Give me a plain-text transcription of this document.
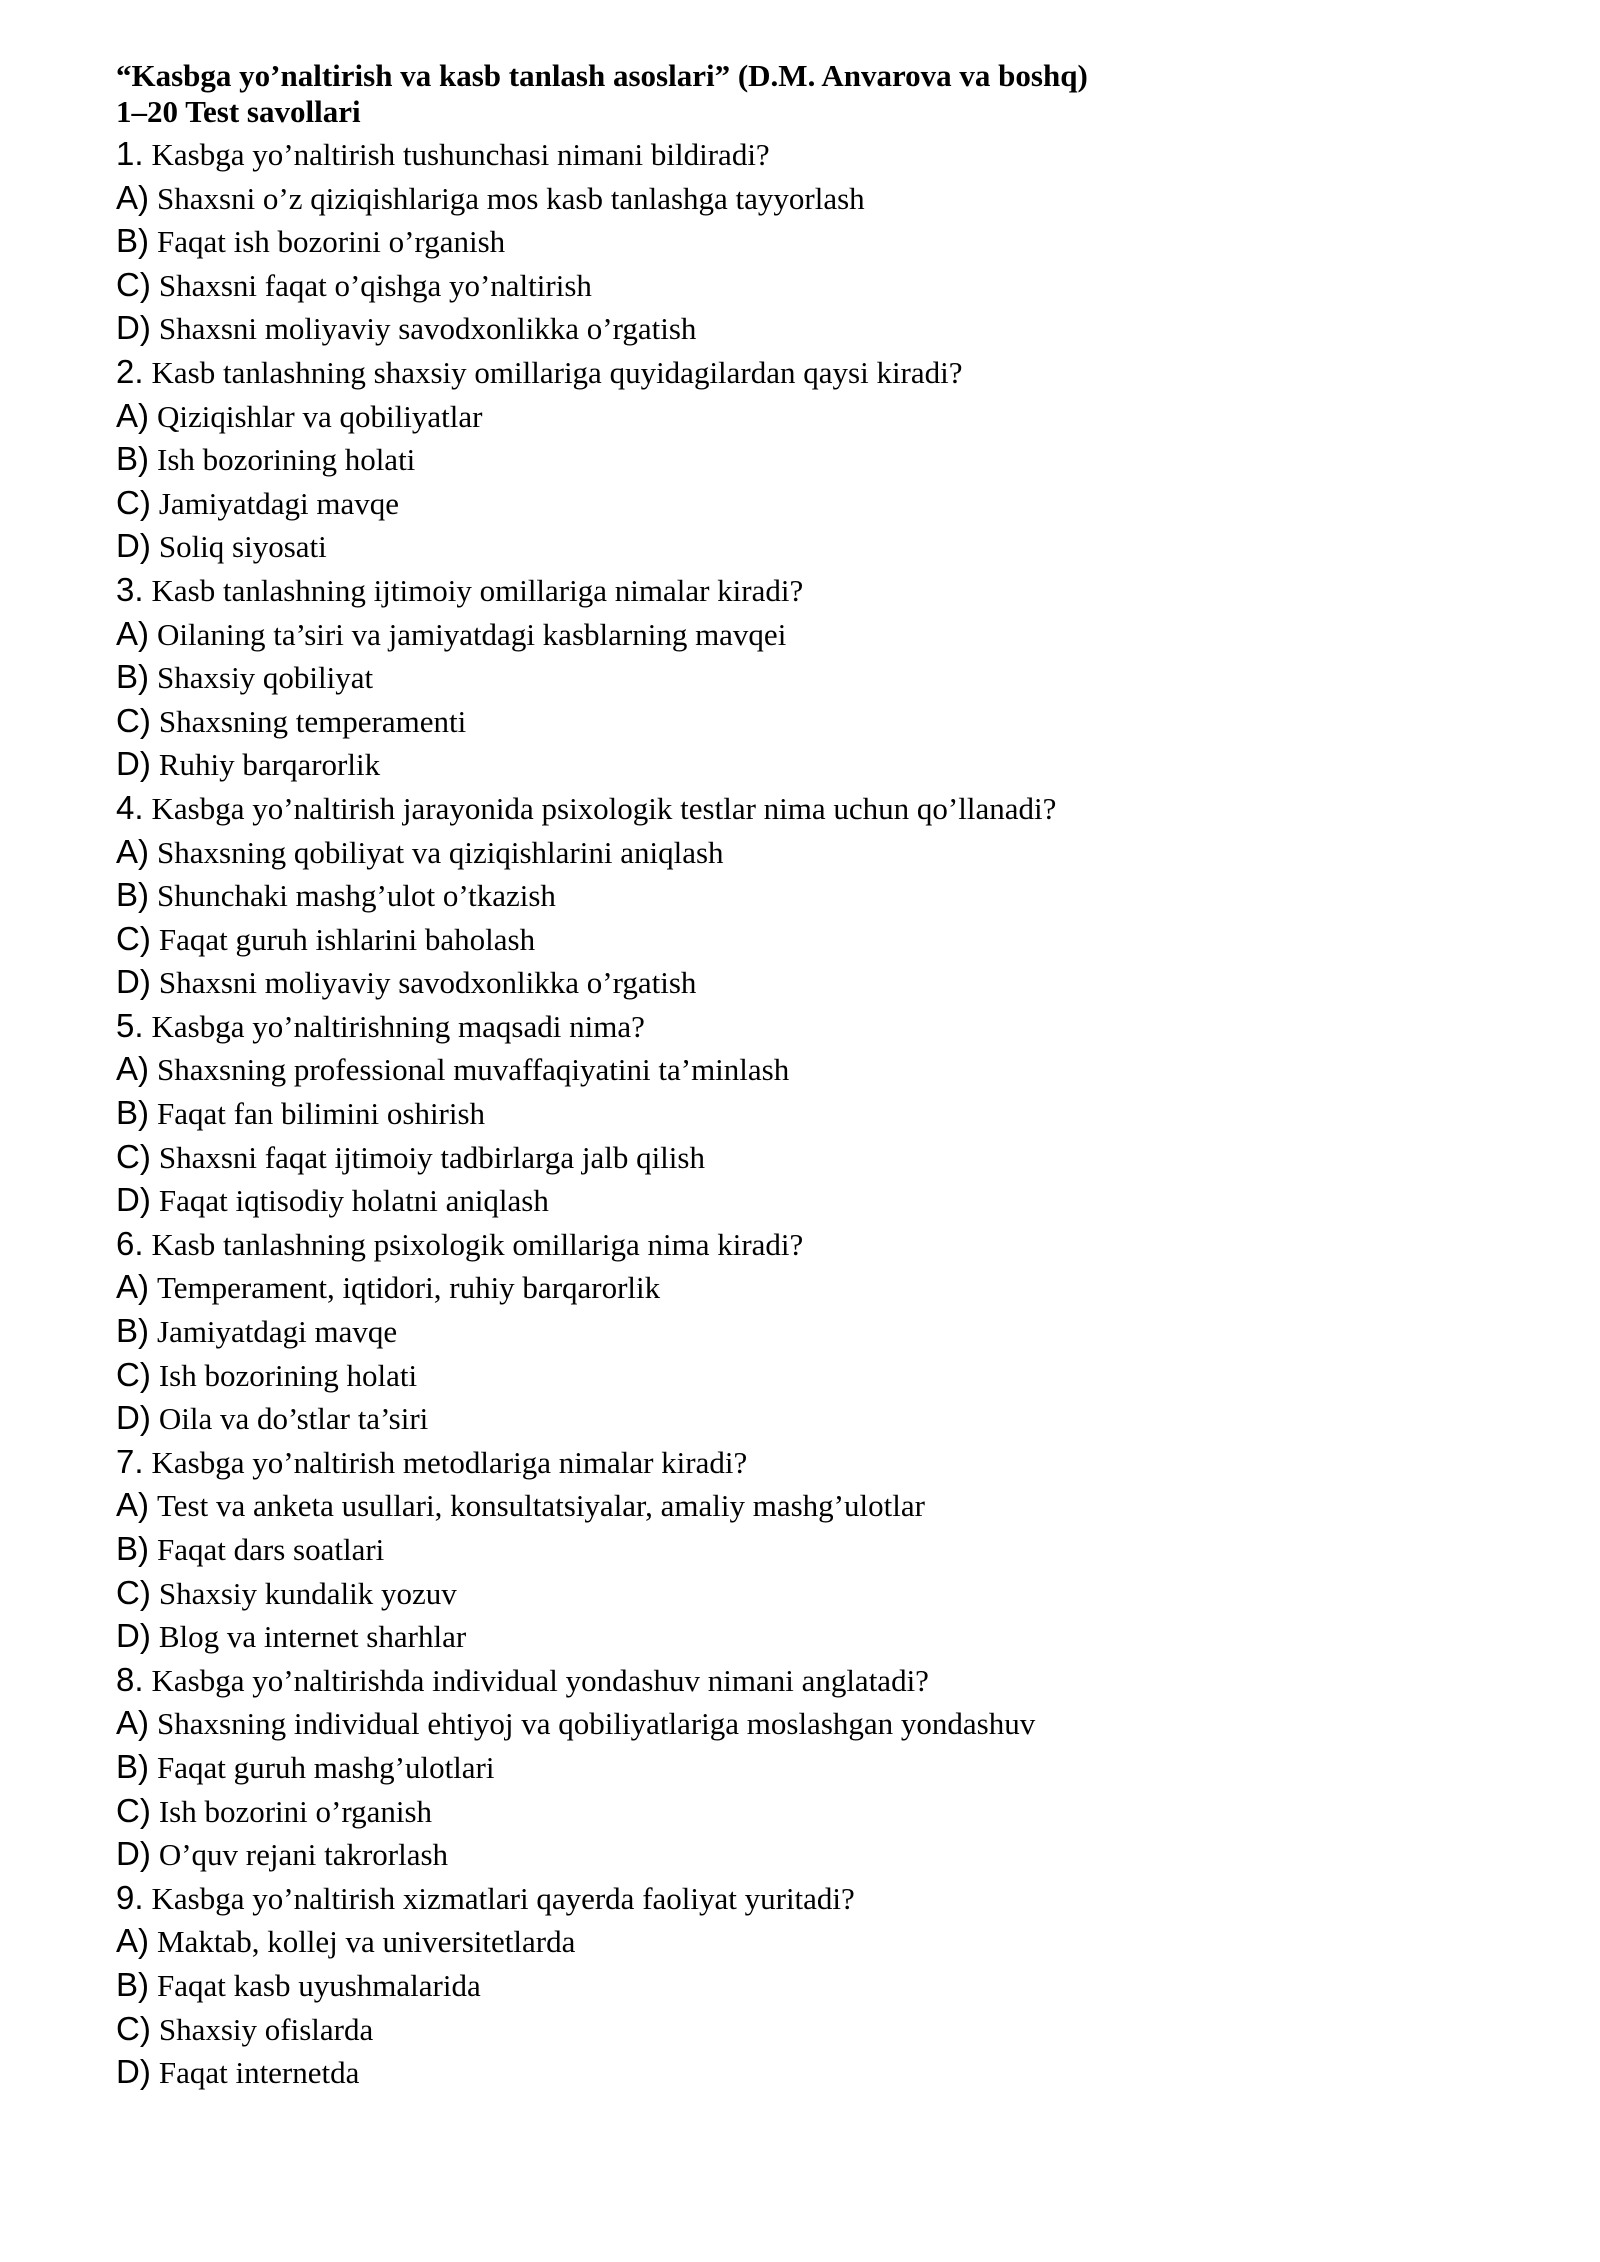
“Kasbga yo’naltirish va kasb tanlash asoslari” (D.M. Anvarova va boshq)
1–20 Test savollari
1. Kasbga yo’naltirish tushunchasi nimani bildiradi?
A) Shaxsni o’z qiziqishlariga mos kasb tanlashga tayyorlash
B) Faqat ish bozorini o’rganish
C) Shaxsni faqat o’qishga yo’naltirish
D) Shaxsni moliyaviy savodxonlikka o’rgatish
2. Kasb tanlashning shaxsiy omillariga quyidagilardan qaysi kiradi?
A) Qiziqishlar va qobiliyatlar
B) Ish bozorining holati
C) Jamiyatdagi mavqe
D) Soliq siyosati
3. Kasb tanlashning ijtimoiy omillariga nimalar kiradi?
A) Oilaning ta’siri va jamiyatdagi kasblarning mavqei
B) Shaxsiy qobiliyat
C) Shaxsning temperamenti
D) Ruhiy barqarorlik
4. Kasbga yo’naltirish jarayonida psixologik testlar nima uchun qo’llanadi?
A) Shaxsning qobiliyat va qiziqishlarini aniqlash
B) Shunchaki mashg’ulot o’tkazish
C) Faqat guruh ishlarini baholash
D) Shaxsni moliyaviy savodxonlikka o’rgatish
5. Kasbga yo’naltirishning maqsadi nima?
A) Shaxsning professional muvaffaqiyatini ta’minlash
B) Faqat fan bilimini oshirish
C) Shaxsni faqat ijtimoiy tadbirlarga jalb qilish
D) Faqat iqtisodiy holatni aniqlash
6. Kasb tanlashning psixologik omillariga nima kiradi?
A) Temperament, iqtidori, ruhiy barqarorlik
B) Jamiyatdagi mavqe
C) Ish bozorining holati
D) Oila va do’stlar ta’siri
7. Kasbga yo’naltirish metodlariga nimalar kiradi?
A) Test va anketa usullari, konsultatsiyalar, amaliy mashg’ulotlar
B) Faqat dars soatlari
C) Shaxsiy kundalik yozuv
D) Blog va internet sharhlar
8. Kasbga yo’naltirishda individual yondashuv nimani anglatadi?
A) Shaxsning individual ehtiyoj va qobiliyatlariga moslashgan yondashuv
B) Faqat guruh mashg’ulotlari
C) Ish bozorini o’rganish
D) O’quv rejani takrorlash
9. Kasbga yo’naltirish xizmatlari qayerda faoliyat yuritadi?
A) Maktab, kollej va universitetlarda
B) Faqat kasb uyushmalarida
C) Shaxsiy ofislarda
D) Faqat internetda
